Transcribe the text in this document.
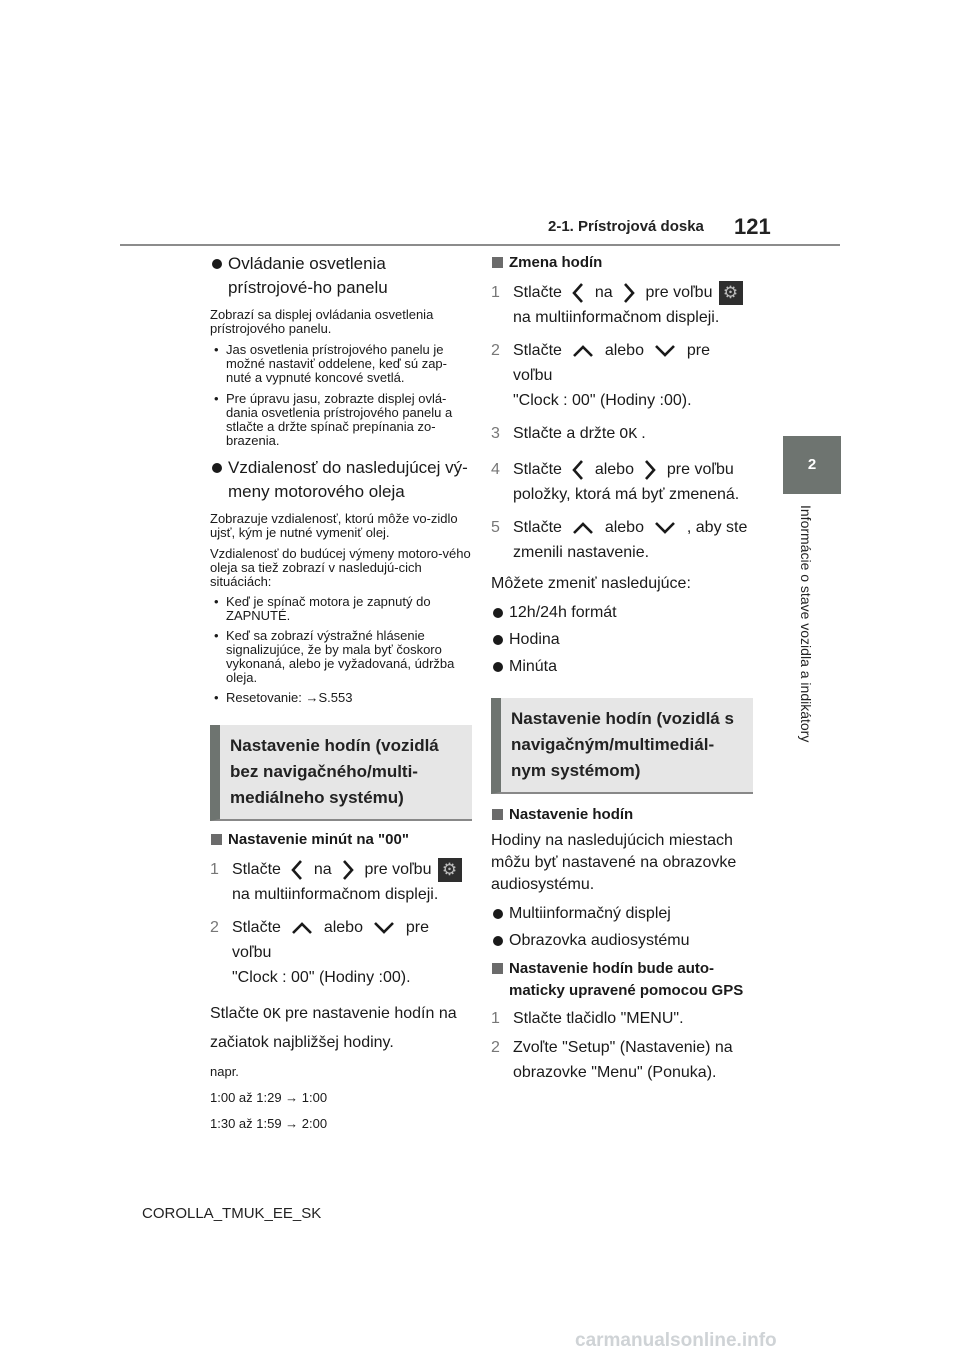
2-1. Prístrojová doska 121
2
Informácie o stave vozidla a indikátory

Ovládanie osvetlenia prístrojové-ho panelu

Zobrazí sa displej ovládania osvetlenia prístrojového panelu.

• Jas osvetlenia prístrojového panelu je možné nastaviť oddelene, keď sú zap-nuté a vypnuté koncové svetlá.

• Pre úpravu jasu, zobrazte displej ovlá-dania osvetlenia prístrojového panelu a stlačte a držte spínač prepínania zo-brazenia.

Vzdialenosť do nasledujúcej vý-meny motorového oleja

Zobrazuje vzdialenosť, ktorú môže vo-zidlo ujsť, kým je nutné vymeniť olej.

Vzdialenosť do budúcej výmeny motoro-vého oleja sa tiež zobrazí v nasledujú-cich situáciách:

• Keď je spínač motora je zapnutý do ZAPNUTÉ.

• Keď sa zobrazí výstražné hlásenie signalizujúce, že by mala byť čoskoro vykonaná, alebo je vyžadovaná, údržba oleja.

• Resetovanie: →S.553

Nastavenie hodín (vozidlá bez navigačného/multi-mediálneho systému)

Nastavenie minút na "00"

1 Stlačte na pre voľbu ⚙
na multiinformačnom displeji.

2 Stlačte	alebo	pre voľbu
"Clock : 00" (Hodiny :00).

Stlačte OK pre nastavenie hodín na
začiatok najbližšej hodiny.

napr.

1:00 až 1:29 → 1:00

1:30 až 1:59 → 2:00

Zmena hodín

1 Stlačte na pre voľbu ⚙
na multiinformačnom displeji.

2 Stlačte	alebo	pre voľbu
"Clock : 00" (Hodiny :00).

3 Stlačte a držte OK .

4 Stlačte alebo pre voľbu
položky, ktorá má byť zmenená.

5 Stlačte	alebo	, aby ste
zmenili nastavenie.

Môžete zmeniť nasledujúce:

12h/24h formát

Hodina

Minúta

Nastavenie hodín (vozidlá s navigačným/multimediál-nym systémom)

Nastavenie hodín

Hodiny na nasledujúcich miestach môžu byť nastavené na obrazovke audiosystému.

Multiinformačný displej

Obrazovka audiosystému

Nastavenie hodín bude auto-maticky upravené pomocou GPS

1 Stlačte tlačidlo "MENU".

2 Zvoľte "Setup" (Nastavenie) na obrazovke "Menu" (Ponuka).

COROLLA_TMUK_EE_SK
carmanualsonline.info
